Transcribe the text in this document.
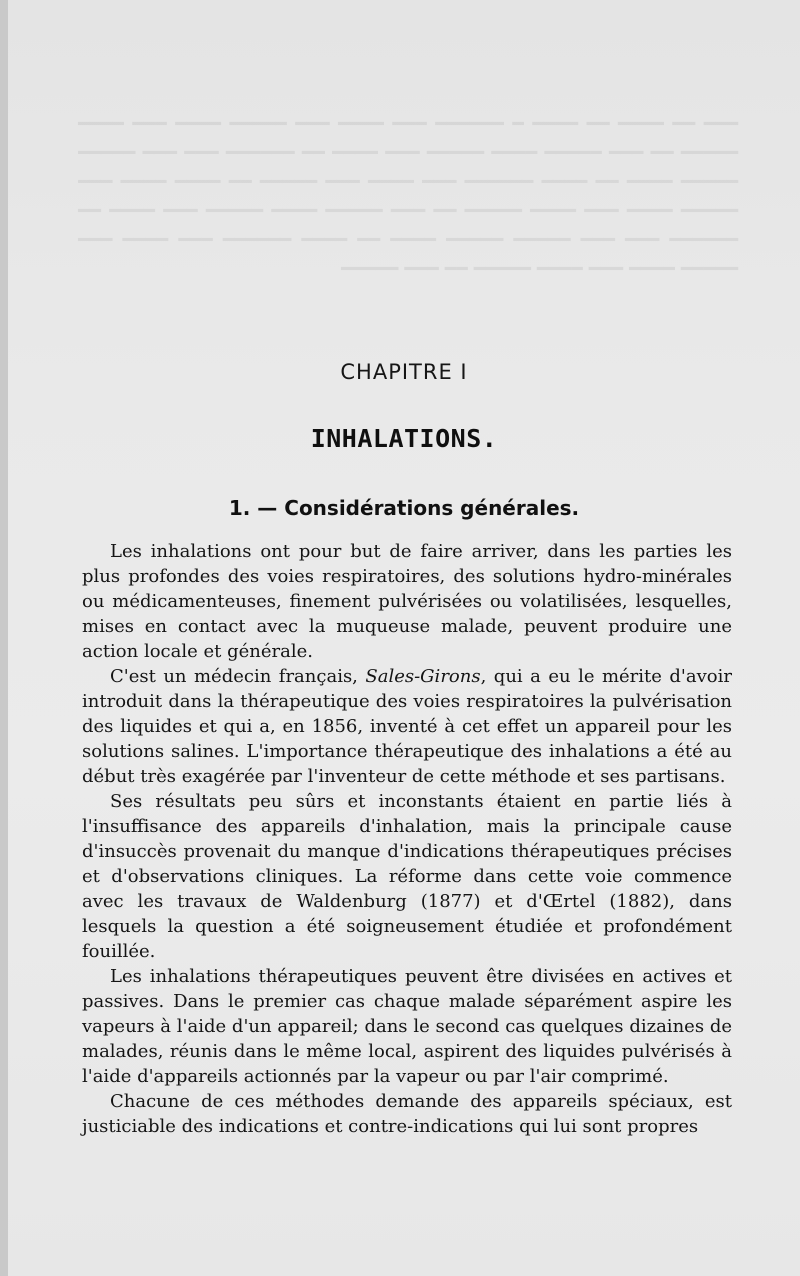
​━━━ ━━ ━━━━ ━━ ━━━━ ━ ━━━━━━ ━━━ ━━━━ ━━━ ━━━━━ ━━━━ ━━━ ━━━━ ━━━━━ ━━ ━━━ ━━━━━ ━━━━ ━━━━━ ━━━ ━━━━ ━━ ━━━━━━ ━━━ ━━━ ━━━━━ ━━━━━ ━━━━ ━━ ━━━━ ━━━━━━ ━━━ ━━━━ ━━━ ━━━━━ ━━ ━━━━ ━━━━ ━━━ ━━━━━ ━━━━ ━━━ ━━━━ ━━━━━ ━━ ━━━ ━━━━━ ━━━━ ━━━━━ ━━━ ━━━━ ━━ ━━━━━━ ━━━ ━━━ ━━━━━ ━━━━━ ━━━━ ━━ ━━━━ ━━━━━━ ━━━ ━━━━ ━━━ ━━━━━ ━━━━ ━━━ ━━━━ ━━━━━ ━━ ━━━ ━━━━━
CHAPITRE I
INHALATIONS.
1. — Considérations générales.

Les inhalations ont pour but de faire arriver, dans les parties les plus profondes des voies respiratoires, des solutions hydro-minérales ou médicamenteuses, finement pulvérisées ou volatilisées, lesquelles, mises en contact avec la muqueuse malade, peuvent produire une action locale et générale.

C'est un médecin français, Sales-Girons, qui a eu le mérite d'avoir introduit dans la thérapeutique des voies respiratoires la pulvérisation des liquides et qui a, en 1856, inventé à cet effet un appareil pour les solutions salines. L'importance thérapeutique des inhalations a été au début très exagérée par l'inventeur de cette méthode et ses partisans.

Ses résultats peu sûrs et inconstants étaient en partie liés à l'insuffisance des appareils d'inhalation, mais la principale cause d'insuccès provenait du manque d'indications thérapeutiques précises et d'observations cliniques. La réforme dans cette voie commence avec les travaux de Waldenburg (1877) et d'Œrtel (1882), dans lesquels la question a été soigneusement étudiée et profondément fouillée.

Les inhalations thérapeutiques peuvent être divisées en actives et passives. Dans le premier cas chaque malade séparément aspire les vapeurs à l'aide d'un appareil; dans le second cas quelques dizaines de malades, réunis dans le même local, aspirent des liquides pulvérisés à l'aide d'appareils actionnés par la vapeur ou par l'air comprimé.

Chacune de ces méthodes demande des appareils spéciaux, est justiciable des indications et contre-indications qui lui sont propres
